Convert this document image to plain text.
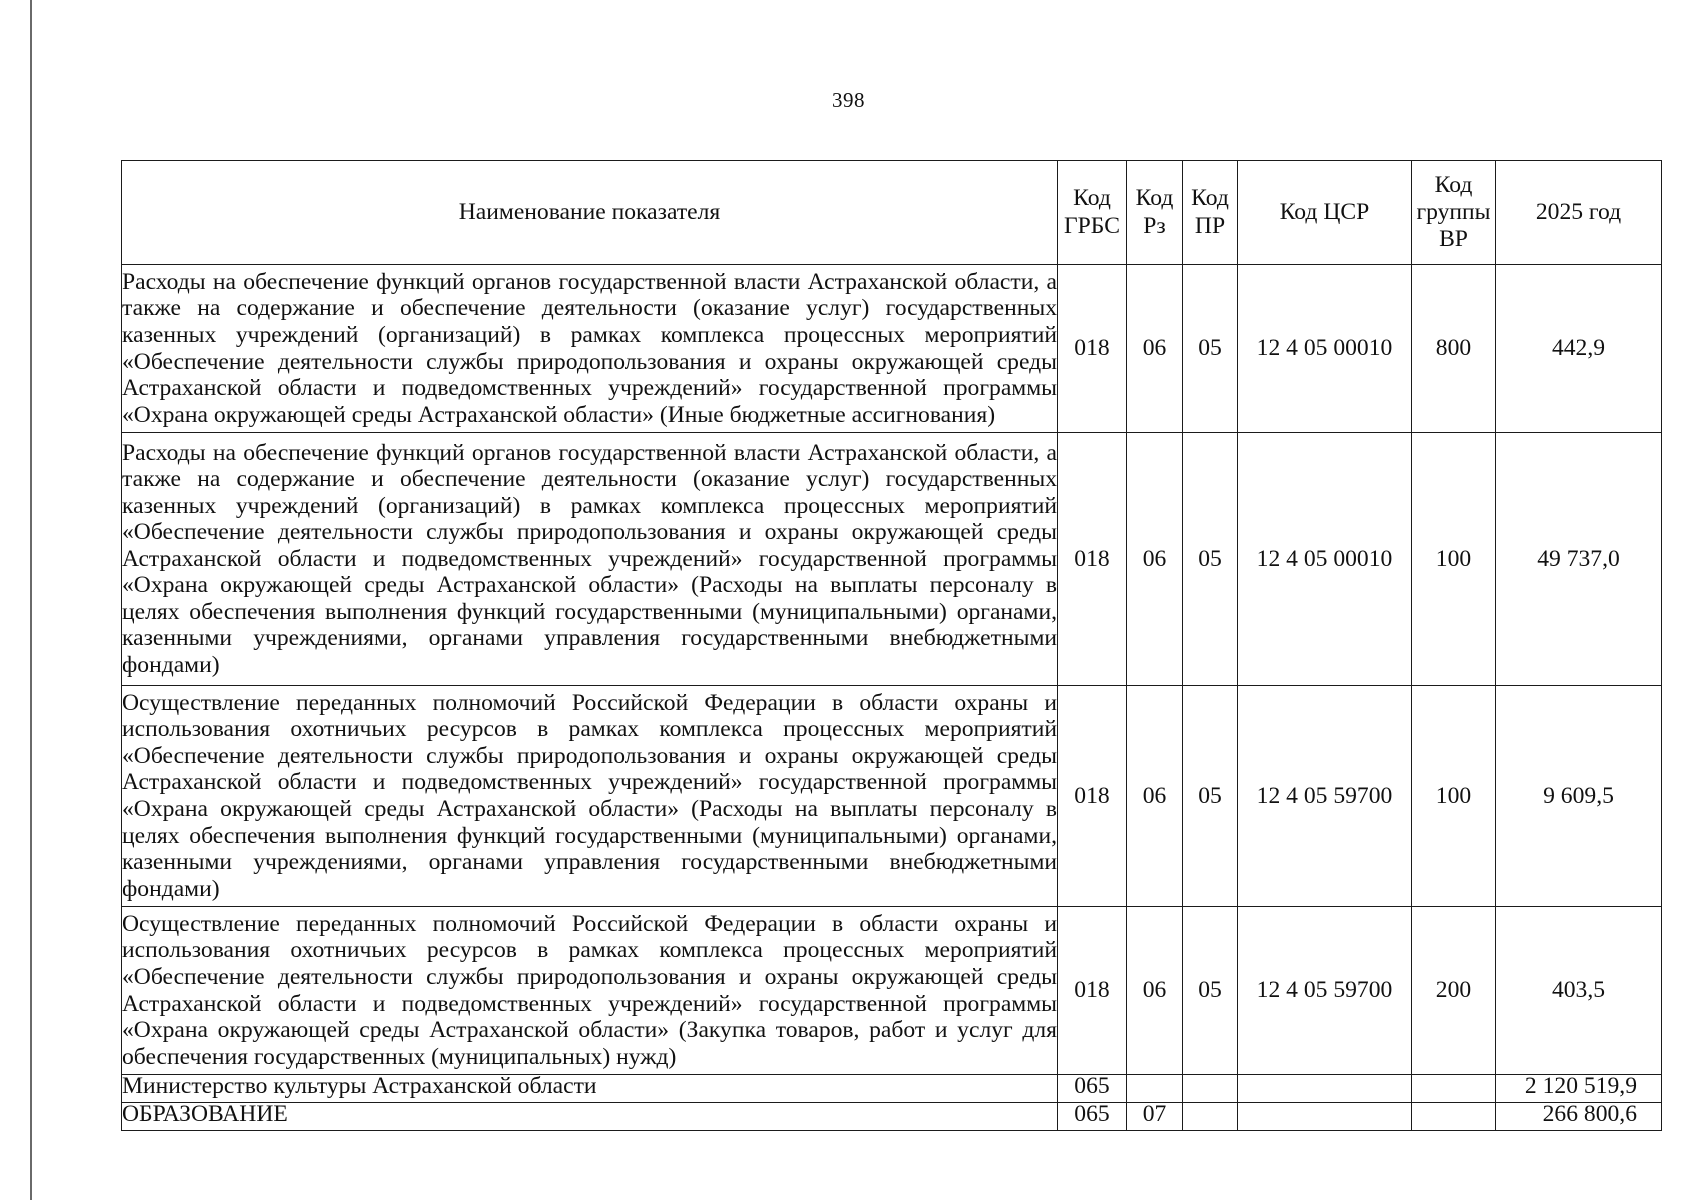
398
Наименование показателя	Код ГРБС	Код Рз	Код ПР	Код ЦСР	Код группы ВР	2025 год
Расходы на обеспечение функций органов государственной власти Астраханской области, а также на содержание и обеспечение деятельности (оказание услуг) государственных казенных учреждений (организаций) в рамках комплекса процессных мероприятий «Обеспечение деятельности службы природопользования и охраны окружающей среды Астраханской области и подведомственных учреждений» государственной программы «Охрана окружающей среды Астраханской области» (Иные бюджетные ассигнования)	018	06	05	12 4 05 00010	800	442,9
Расходы на обеспечение функций органов государственной власти Астраханской области, а также на содержание и обеспечение деятельности (оказание услуг) государственных казенных учреждений (организаций) в рамках комплекса процессных мероприятий «Обеспечение деятельности службы природопользования и охраны окружающей среды Астраханской области и подведомственных учреждений» государственной программы «Охрана окружающей среды Астраханской области» (Расходы на выплаты персоналу в целях обеспечения выполнения функций государственными (муниципальными) органами, казенными учреждениями, органами управления государственными внебюджетными фондами)	018	06	05	12 4 05 00010	100	49 737,0
Осуществление переданных полномочий Российской Федерации в области охраны и использования охотничьих ресурсов в рамках комплекса процессных мероприятий «Обеспечение деятельности службы природопользования и охраны окружающей среды Астраханской области и подведомственных учреждений» государственной программы «Охрана окружающей среды Астраханской области» (Расходы на выплаты персоналу в целях обеспечения выполнения функций государственными (муниципальными) органами, казенными учреждениями, органами управления государственными внебюджетными фондами)	018	06	05	12 4 05 59700	100	9 609,5
Осуществление переданных полномочий Российской Федерации в области охраны и использования охотничьих ресурсов в рамках комплекса процессных мероприятий «Обеспечение деятельности службы природопользования и охраны окружающей среды Астраханской области и подведомственных учреждений» государственной программы «Охрана окружающей среды Астраханской области» (Закупка товаров, работ и услуг для обеспечения государственных (муниципальных) нужд)	018	06	05	12 4 05 59700	200	403,5
Министерство культуры Астраханской области	065					2 120 519,9
ОБРАЗОВАНИЕ	065	07				266 800,6
